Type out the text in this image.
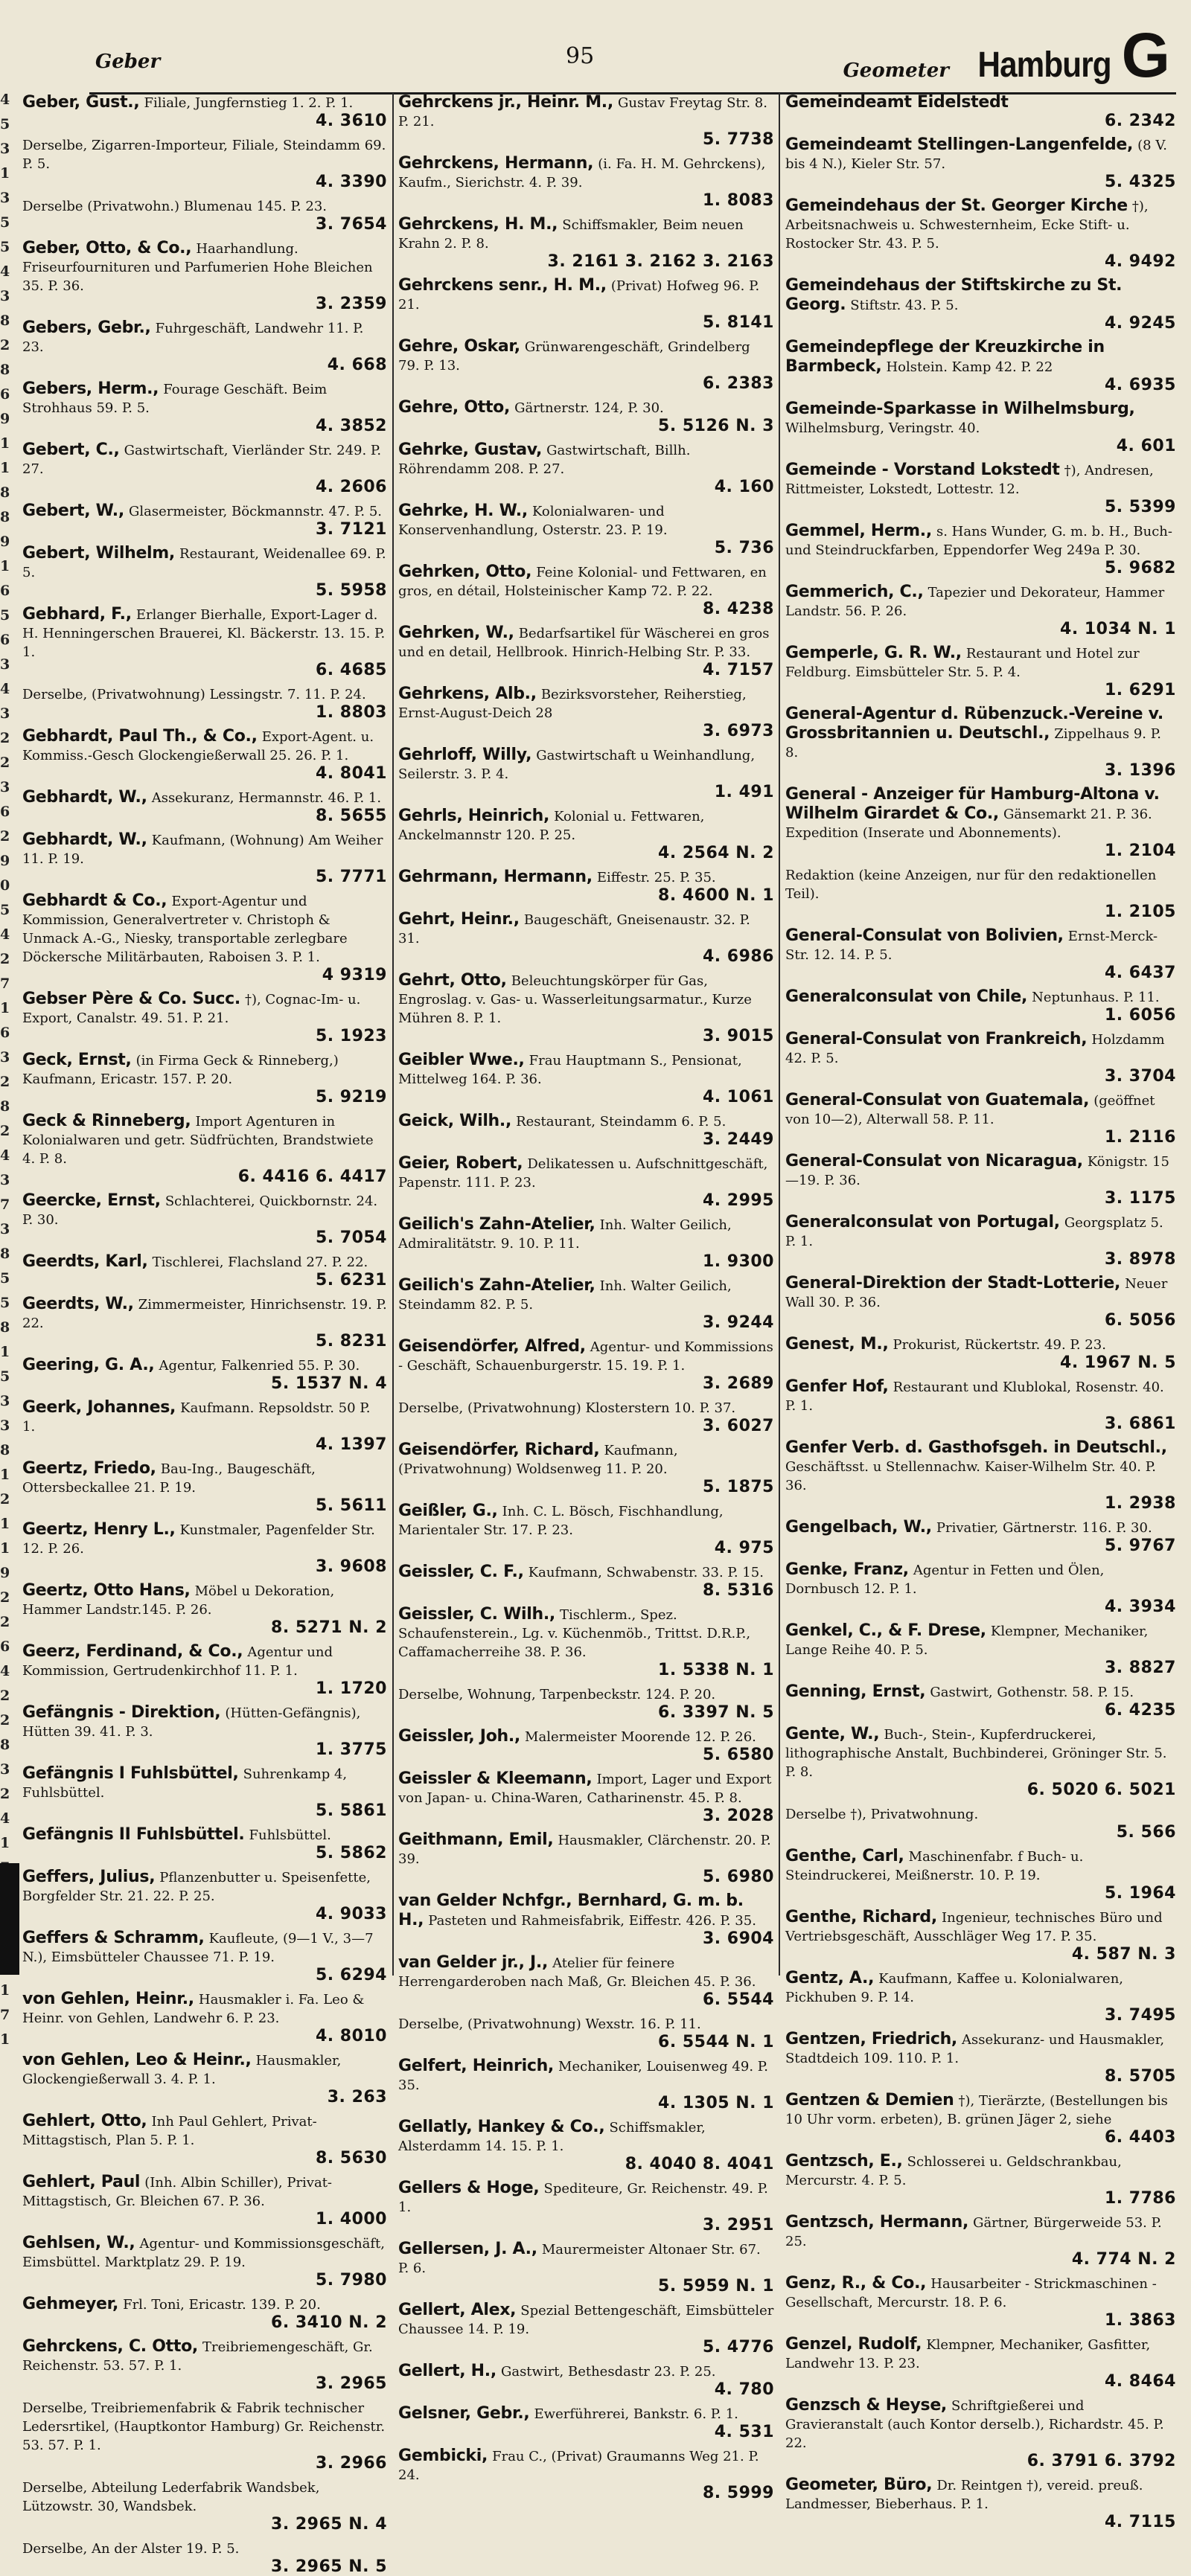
Geber	95
Geometer Hamburg G
4
5
3
1
3
5
5
4
3
8
2
8
6
9
1
1
8
8
9
1
6
5
6
3
4
3
2
2
3
6
2
9
0
5
4
2
7
1
6
3
2
8
2
4
3
7
3
8
5
5
8
1
5
3
3
8
1
2
1
1
9
2
2
6
4
2
2
8
3
2
4
1
1
7
1
Geber, Gust., Filiale, Jungfernstieg 1. 2. P. 1.
4. 3610
Derselbe, Zigarren-Importeur, Filiale, Steindamm 69. P. 5.
4. 3390
Derselbe (Privatwohn.) Blumenau 145. P. 23.
3. 7654
Geber, Otto, & Co., Haarhandlung. Friseurfournituren und Parfumerien Hohe Bleichen 35. P. 36.
3. 2359
Gebers, Gebr., Fuhrgeschäft, Landwehr 11. P. 23.
4. 668
Gebers, Herm., Fourage Geschäft. Beim Strohhaus 59. P. 5.
4. 3852
Gebert, C., Gastwirtschaft, Vierländer Str. 249. P. 27.
4. 2606
Gebert, W., Glasermeister, Böckmannstr. 47. P. 5.
3. 7121
Gebert, Wilhelm, Restaurant, Weidenallee 69. P. 5.
5. 5958
Gebhard, F., Erlanger Bierhalle, Export-Lager d. H. Henningerschen Brauerei, Kl. Bäckerstr. 13. 15. P. 1.
6. 4685
Derselbe, (Privatwohnung) Lessingstr. 7. 11. P. 24.
1. 8803
Gebhardt, Paul Th., & Co., Export-Agent. u. Kommiss.-Gesch Glockengießerwall 25. 26. P. 1.
4. 8041
Gebhardt, W., Assekuranz, Hermannstr. 46. P. 1.
8. 5655
Gebhardt, W., Kaufmann, (Wohnung) Am Weiher 11. P. 19.
5. 7771
Gebhardt & Co., Export-Agentur und Kommission, Generalvertreter v. Christoph & Unmack A.-G., Niesky, transportable zerlegbare Döckersche Militärbauten, Raboisen 3. P. 1.
4 9319
Gebser Père & Co. Succ. †), Cognac-Im- u. Export, Canalstr. 49. 51. P. 21.
5. 1923
Geck, Ernst, (in Firma Geck & Rinneberg,) Kaufmann, Ericastr. 157. P. 20.
5. 9219
Geck & Rinneberg, Import Agenturen in Kolonialwaren und getr. Südfrüchten, Brandstwiete 4. P. 8.
6. 4416 6. 4417
Geercke, Ernst, Schlachterei, Quickbornstr. 24. P. 30.
5. 7054
Geerdts, Karl, Tischlerei, Flachsland 27. P. 22.
5. 6231
Geerdts, W., Zimmermeister, Hinrichsenstr. 19. P. 22.
5. 8231
Geering, G. A., Agentur, Falkenried 55. P. 30.
5. 1537 N. 4
Geerk, Johannes, Kaufmann. Repsoldstr. 50 P. 1.
4. 1397
Geertz, Friedo, Bau-Ing., Baugeschäft, Ottersbeckallee 21. P. 19.
5. 5611
Geertz, Henry L., Kunstmaler, Pagenfelder Str. 12. P. 26.
3. 9608
Geertz, Otto Hans, Möbel u Dekoration, Hammer Landstr.145. P. 26.
8. 5271 N. 2
Geerz, Ferdinand, & Co., Agentur und Kommission, Gertrudenkirchhof 11. P. 1.
1. 1720
Gefängnis - Direktion, (Hütten-Gefängnis), Hütten 39. 41. P. 3.
1. 3775
Gefängnis I Fuhlsbüttel, Suhrenkamp 4, Fuhlsbüttel.
5. 5861
Gefängnis II Fuhlsbüttel. Fuhlsbüttel.
5. 5862
Geffers, Julius, Pflanzenbutter u. Speisenfette, Borgfelder Str. 21. 22. P. 25.
4. 9033
Geffers & Schramm, Kaufleute, (9—1 V., 3—7 N.), Eimsbütteler Chaussee 71. P. 19.
5. 6294
von Gehlen, Heinr., Hausmakler i. Fa. Leo & Heinr. von Gehlen, Landwehr 6. P. 23.
4. 8010
von Gehlen, Leo & Heinr., Hausmakler, Glockengießerwall 3. 4. P. 1.
3. 263
Gehlert, Otto, Inh Paul Gehlert, Privat-Mittagstisch, Plan 5. P. 1.
8. 5630
Gehlert, Paul (Inh. Albin Schiller), Privat-Mittagstisch, Gr. Bleichen 67. P. 36.
1. 4000
Gehlsen, W., Agentur- und Kommissionsgeschäft, Eimsbüttel. Marktplatz 29. P. 19.
5. 7980
Gehmeyer, Frl. Toni, Ericastr. 139. P. 20.
6. 3410 N. 2
Gehrckens, C. Otto, Treibriemengeschäft, Gr. Reichenstr. 53. 57. P. 1.
3. 2965
Derselbe, Treibriemenfabrik & Fabrik technischer Ledersrtikel, (Hauptkontor Hamburg) Gr. Reichenstr. 53. 57. P. 1.
3. 2966
Derselbe, Abteilung Lederfabrik Wandsbek, Lützowstr. 30, Wandsbek.
3. 2965 N. 4
Derselbe, An der Alster 19. P. 5.
3. 2965 N. 5
Gehrckens jr., Heinr. M., Gustav Freytag Str. 8. P. 21.
5. 7738
Gehrckens, Hermann, (i. Fa. H. M. Gehrckens), Kaufm., Sierichstr. 4. P. 39.
1. 8083
Gehrckens, H. M., Schiffsmakler, Beim neuen Krahn 2. P. 8.
3. 2161 3. 2162 3. 2163
Gehrckens senr., H. M., (Privat) Hofweg 96. P. 21.
5. 8141
Gehre, Oskar, Grünwarengeschäft, Grindelberg 79. P. 13.
6. 2383
Gehre, Otto, Gärtnerstr. 124, P. 30.
5. 5126 N. 3
Gehrke, Gustav, Gastwirtschaft, Billh. Röhrendamm 208. P. 27.
4. 160
Gehrke, H. W., Kolonialwaren- und Konservenhandlung, Osterstr. 23. P. 19.
5. 736
Gehrken, Otto, Feine Kolonial- und Fettwaren, en gros, en détail, Holsteinischer Kamp 72. P. 22.
8. 4238
Gehrken, W., Bedarfsartikel für Wäscherei en gros und en detail, Hellbrook. Hinrich-Helbing Str. P. 33.
4. 7157
Gehrkens, Alb., Bezirksvorsteher, Reiherstieg, Ernst-August-Deich 28
3. 6973
Gehrloff, Willy, Gastwirtschaft u Weinhandlung, Seilerstr. 3. P. 4.
1. 491
Gehrls, Heinrich, Kolonial u. Fettwaren, Anckelmannstr 120. P. 25.
4. 2564 N. 2
Gehrmann, Hermann, Eiffestr. 25. P. 35.
8. 4600 N. 1
Gehrt, Heinr., Baugeschäft, Gneisenaustr. 32. P. 31.
4. 6986
Gehrt, Otto, Beleuchtungskörper für Gas, Engroslag. v. Gas- u. Wasserleitungsarmatur., Kurze Mühren 8. P. 1.
3. 9015
Geibler Wwe., Frau Hauptmann S., Pensionat, Mittelweg 164. P. 36.
4. 1061
Geick, Wilh., Restaurant, Steindamm 6. P. 5.
3. 2449
Geier, Robert, Delikatessen u. Aufschnittgeschäft, Papenstr. 111. P. 23.
4. 2995
Geilich's Zahn-Atelier, Inh. Walter Geilich, Admiralitätstr. 9. 10. P. 11.
1. 9300
Geilich's Zahn-Atelier, Inh. Walter Geilich, Steindamm 82. P. 5.
3. 9244
Geisendörfer, Alfred, Agentur- und Kommissions - Geschäft, Schauenburgerstr. 15. 19. P. 1.
3. 2689
Derselbe, (Privatwohnung) Klosterstern 10. P. 37.
3. 6027
Geisendörfer, Richard, Kaufmann, (Privatwohnung) Woldsenweg 11. P. 20.
5. 1875
Geißler, G., Inh. C. L. Bösch, Fischhandlung, Marientaler Str. 17. P. 23.
4. 975
Geissler, C. F., Kaufmann, Schwabenstr. 33. P. 15.
8. 5316
Geissler, C. Wilh., Tischlerm., Spez. Schaufensterein., Lg. v. Küchenmöb., Trittst. D.R.P., Caffamacherreihe 38. P. 36.
1. 5338 N. 1
Derselbe, Wohnung, Tarpenbeckstr. 124. P. 20.
6. 3397 N. 5
Geissler, Joh., Malermeister Moorende 12. P. 26.
5. 6580
Geissler & Kleemann, Import, Lager und Export von Japan- u. China-Waren, Catharinenstr. 45. P. 8.
3. 2028
Geithmann, Emil, Hausmakler, Clärchenstr. 20. P. 39.
5. 6980
van Gelder Nchfgr., Bernhard, G. m. b. H., Pasteten und Rahmeisfabrik, Eiffestr. 426. P. 35.
3. 6904
van Gelder jr., J., Atelier für feinere Herrengarderoben nach Maß, Gr. Bleichen 45. P. 36.
6. 5544
Derselbe, (Privatwohnung) Wexstr. 16. P. 11.
6. 5544 N. 1
Gelfert, Heinrich, Mechaniker, Louisenweg 49. P. 35.
4. 1305 N. 1
Gellatly, Hankey & Co., Schiffsmakler, Alsterdamm 14. 15. P. 1.
8. 4040 8. 4041
Gellers & Hoge, Spediteure, Gr. Reichenstr. 49. P. 1.
3. 2951
Gellersen, J. A., Maurermeister Altonaer Str. 67. P. 6.
5. 5959 N. 1
Gellert, Alex, Spezial Bettengeschäft, Eimsbütteler Chaussee 14. P. 19.
5. 4776
Gellert, H., Gastwirt, Bethesdastr 23. P. 25.
4. 780
Gelsner, Gebr., Ewerführerei, Bankstr. 6. P. 1.
4. 531
Gembicki, Frau C., (Privat) Graumanns Weg 21. P. 24.
8. 5999
Gemeindeamt Eidelstedt
6. 2342
Gemeindeamt Stellingen-Langenfelde, (8 V. bis 4 N.), Kieler Str. 57.
5. 4325
Gemeindehaus der St. Georger Kirche †), Arbeitsnachweis u. Schwesternheim, Ecke Stift- u. Rostocker Str. 43. P. 5.
4. 9492
Gemeindehaus der Stiftskirche zu St. Georg. Stiftstr. 43. P. 5.
4. 9245
Gemeindepflege der Kreuzkirche in Barmbeck, Holstein. Kamp 42. P. 22
4. 6935
Gemeinde-Sparkasse in Wilhelmsburg, Wilhelmsburg, Veringstr. 40.
4. 601
Gemeinde - Vorstand Lokstedt †), Andresen, Rittmeister, Lokstedt, Lottestr. 12.
5. 5399
Gemmel, Herm., s. Hans Wunder, G. m. b. H., Buch- und Steindruckfarben, Eppendorfer Weg 249a P. 30.
5. 9682
Gemmerich, C., Tapezier und Dekorateur, Hammer Landstr. 56. P. 26.
4. 1034 N. 1
Gemperle, G. R. W., Restaurant und Hotel zur Feldburg. Eimsbütteler Str. 5. P. 4.
1. 6291
General-Agentur d. Rübenzuck.-Vereine v. Grossbritannien u. Deutschl., Zippelhaus 9. P. 8.
3. 1396
General - Anzeiger für Hamburg-Altona v. Wilhelm Girardet & Co., Gänsemarkt 21. P. 36. Expedition (Inserate und Abonnements).
1. 2104
Redaktion (keine Anzeigen, nur für den redaktionellen Teil).
1. 2105
General-Consulat von Bolivien, Ernst-Merck-Str. 12. 14. P. 5.
4. 6437
Generalconsulat von Chile, Neptunhaus. P. 11.
1. 6056
General-Consulat von Frankreich, Holzdamm 42. P. 5.
3. 3704
General-Consulat von Guatemala, (geöffnet von 10—2), Alterwall 58. P. 11.
1. 2116
General-Consulat von Nicaragua, Königstr. 15—19. P. 36.
3. 1175
Generalconsulat von Portugal, Georgsplatz 5. P. 1.
3. 8978
General-Direktion der Stadt-Lotterie, Neuer Wall 30. P. 36.
6. 5056
Genest, M., Prokurist, Rückertstr. 49. P. 23.
4. 1967 N. 5
Genfer Hof, Restaurant und Klublokal, Rosenstr. 40. P. 1.
3. 6861
Genfer Verb. d. Gasthofsgeh. in Deutschl., Geschäftsst. u Stellennachw. Kaiser-Wilhelm Str. 40. P. 36.
1. 2938
Gengelbach, W., Privatier, Gärtnerstr. 116. P. 30.
5. 9767
Genke, Franz, Agentur in Fetten und Ölen, Dornbusch 12. P. 1.
4. 3934
Genkel, C., & F. Drese, Klempner, Mechaniker, Lange Reihe 40. P. 5.
3. 8827
Genning, Ernst, Gastwirt, Gothenstr. 58. P. 15.
6. 4235
Gente, W., Buch-, Stein-, Kupferdruckerei, lithographische Anstalt, Buchbinderei, Gröninger Str. 5. P. 8.
6. 5020 6. 5021
Derselbe †), Privatwohnung.
5. 566
Genthe, Carl, Maschinenfabr. f Buch- u. Steindruckerei, Meißnerstr. 10. P. 19.
5. 1964
Genthe, Richard, Ingenieur, technisches Büro und Vertriebsgeschäft, Ausschläger Weg 17. P. 35.
4. 587 N. 3
Gentz, A., Kaufmann, Kaffee u. Kolonialwaren, Pickhuben 9. P. 14.
3. 7495
Gentzen, Friedrich, Assekuranz- und Hausmakler, Stadtdeich 109. 110. P. 1.
8. 5705
Gentzen & Demien †), Tierärzte, (Bestellungen bis 10 Uhr vorm. erbeten), B. grünen Jäger 2, siehe
6. 4403
Gentzsch, E., Schlosserei u. Geldschrankbau, Mercurstr. 4. P. 5.
1. 7786
Gentzsch, Hermann, Gärtner, Bürgerweide 53. P. 25.
4. 774 N. 2
Genz, R., & Co., Hausarbeiter - Strickmaschinen - Gesellschaft, Mercurstr. 18. P. 6.
1. 3863
Genzel, Rudolf, Klempner, Mechaniker, Gasfitter, Landwehr 13. P. 23.
4. 8464
Genzsch & Heyse, Schriftgießerei und Gravieranstalt (auch Kontor derselb.), Richardstr. 45. P. 22.
6. 3791 6. 3792
Geometer, Büro, Dr. Reintgen †), vereid. preuß. Landmesser, Bieberhaus. P. 1.
4. 7115
